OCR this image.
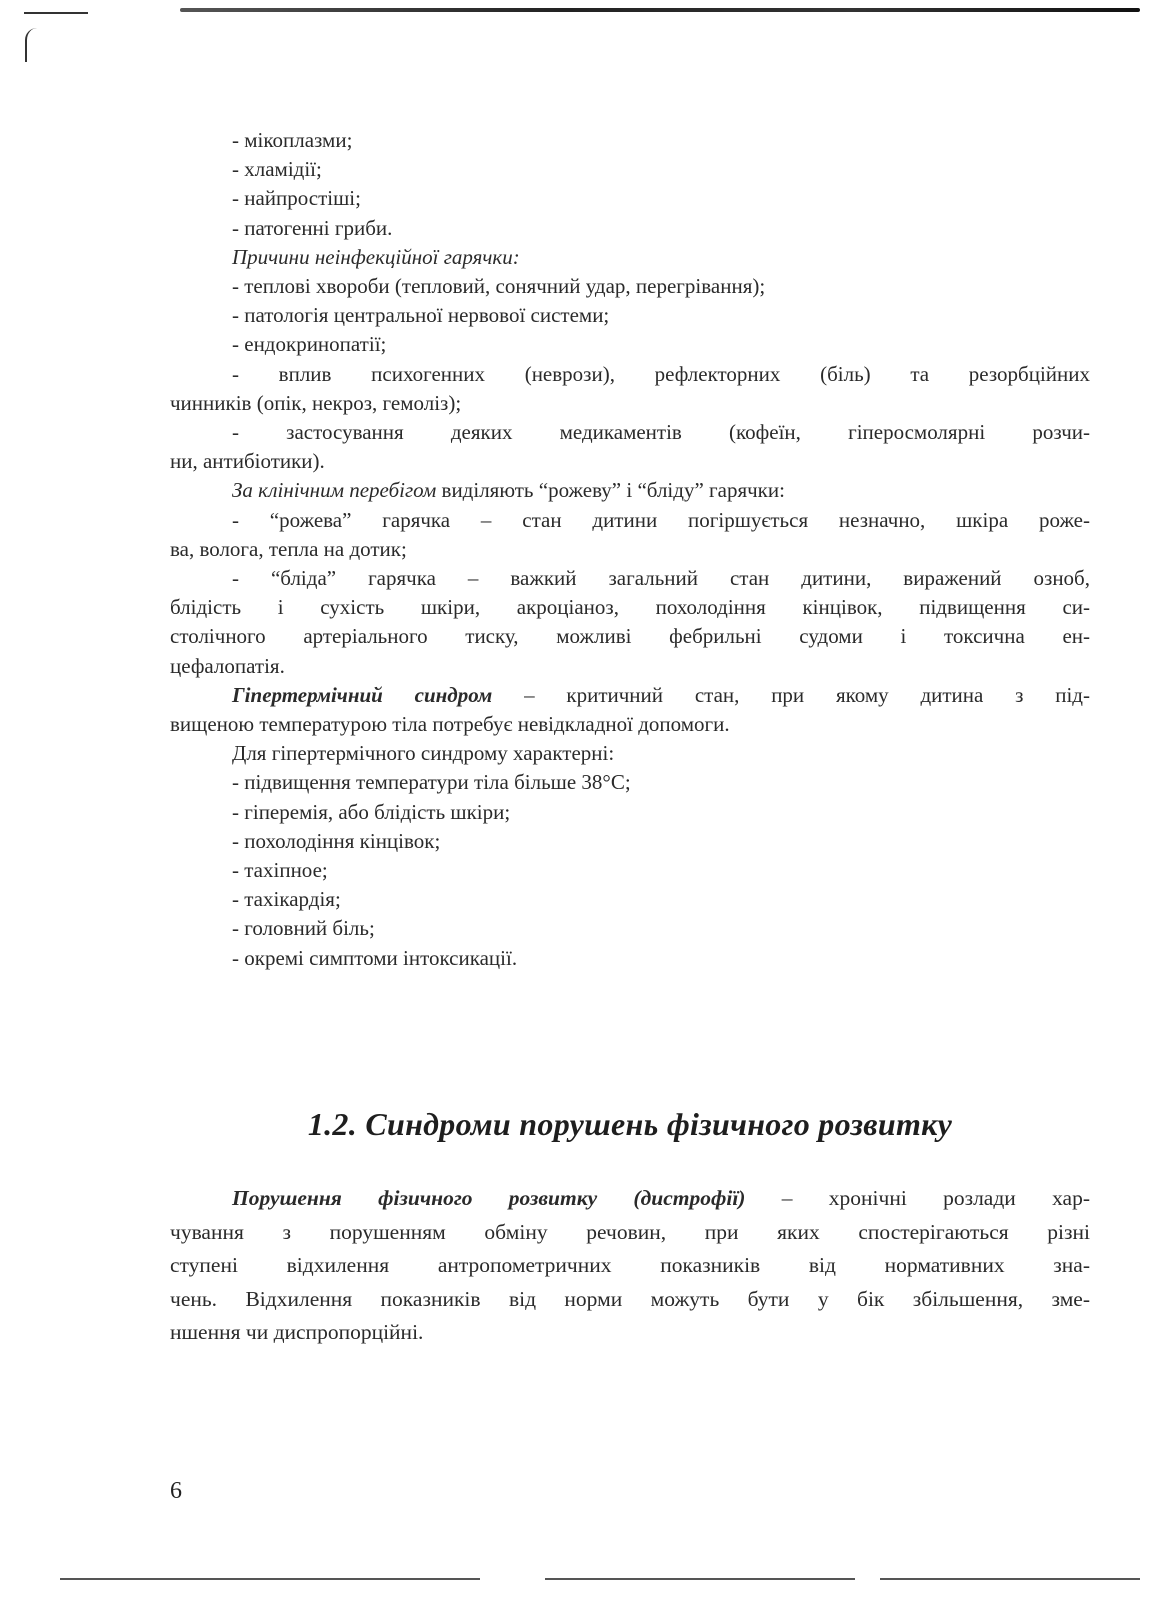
- мікоплазми;

- хламідії;

- найпростіші;

- патогенні гриби.

Причини неінфекційної гарячки:

- теплові хвороби (тепловий, сонячний удар, перегрівання);

- патологія центральної нервової системи;

- ендокринопатії;

- вплив психогенних (неврози), рефлекторних (біль) та резорбційних

чинників (опік, некроз, гемоліз);

- застосування деяких медикаментів (кофеїн, гіперосмолярні розчи-

ни, антибіотики).

За клінічним перебігом виділяють “рожеву” і “бліду” гарячки:

- “рожева” гарячка – стан дитини погіршується незначно, шкіра роже-

ва, волога, тепла на дотик;

- “бліда” гарячка – важкий загальний стан дитини, виражений озноб,

блідість і сухість шкіри, акроціаноз, похолодіння кінцівок, підвищення си-

столічного артеріального тиску, можливі фебрильні судоми і токсична ен-

цефалопатія.

Гіпертермічний синдром – критичний стан, при якому дитина з під-

вищеною температурою тіла потребує невідкладної допомоги.

Для гіпертермічного синдрому характерні:

- підвищення температури тіла більше 38°С;

- гіперемія, або блідість шкіри;

- похолодіння кінцівок;

- тахіпное;

- тахікардія;

- головний біль;

- окремі симптоми інтоксикації.

1.2. Синдроми порушень фізичного розвитку

Порушення фізичного розвитку (дистрофії) – хронічні розлади хар-

чування з порушенням обміну речовин, при яких спостерігаються різні

ступені відхилення антропометричних показників від нормативних зна-

чень. Відхилення показників від норми можуть бути у бік збільшення, зме-

ншення чи диспропорційні.

6
